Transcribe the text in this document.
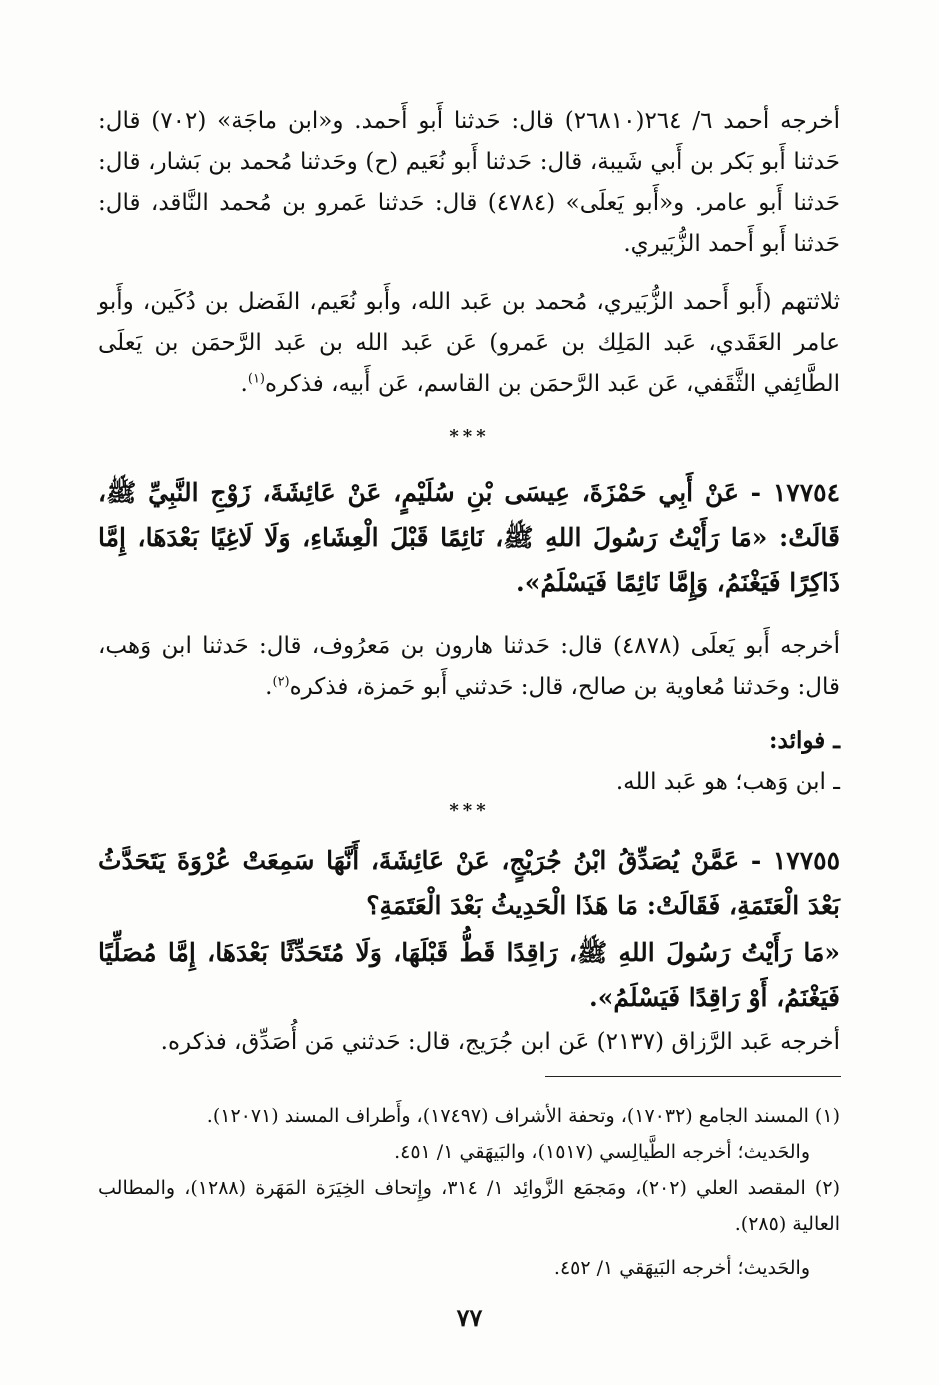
أخرجه أحمد ٦/ ٢٦٤(٢٦٨١٠) قال: حَدثنا أَبو أَحمد. و«ابن ماجَة» (٧٠٢) قال: حَدثنا أَبو بَكر بن أَبي شَيبة، قال: حَدثنا أَبو نُعَيم (ح) وحَدثنا مُحمد بن بَشار، قال: حَدثنا أَبو عامر. و«أَبو يَعلَى» (٤٧٨٤) قال: حَدثنا عَمرو بن مُحمد النَّاقد، قال: حَدثنا أَبو أَحمد الزُّبَيري.

ثلاثتهم (أَبو أَحمد الزُّبَيري، مُحمد بن عَبد الله، وأَبو نُعَيم، الفَضل بن دُكَين، وأَبو عامر العَقَدي، عَبد المَلِك بن عَمرو) عَن عَبد الله بن عَبد الرَّحمَن بن يَعلَى الطَّائِفي الثَّقَفي، عَن عَبد الرَّحمَن بن القاسم، عَن أَبيه، فذكره$^{(١)}$.

***

١٧٧٥٤ - عَنْ أَبِي حَمْزَةَ، عِيسَى بْنِ سُلَيْمٍ، عَنْ عَائِشَةَ، زَوْجِ النَّبِيِّ ﷺ، قَالَتْ: «مَا رَأَيْتُ رَسُولَ اللهِ ﷺ، نَائِمًا قَبْلَ الْعِشَاءِ، وَلَا لَاغِيًا بَعْدَهَا، إِمَّا ذَاكِرًا فَيَغْنَمُ، وَإِمَّا نَائِمًا فَيَسْلَمُ».

أخرجه أَبو يَعلَى (٤٨٧٨) قال: حَدثنا هارون بن مَعرُوف، قال: حَدثنا ابن وَهب، قال: وحَدثنا مُعاوية بن صالح، قال: حَدثني أَبو حَمزة، فذكره$^{(٢)}$.

ـ فوائد:

ـ ابن وَهب؛ هو عَبد الله.

***

١٧٧٥٥ - عَمَّنْ يُصَدِّقُ ابْنُ جُرَيْجٍ، عَنْ عَائِشَةَ، أَنَّهَا سَمِعَتْ عُرْوَةَ يَتَحَدَّثُ بَعْدَ الْعَتَمَةِ، فَقَالَتْ: مَا هَذَا الْحَدِيثُ بَعْدَ الْعَتَمَةِ؟

«مَا رَأَيْتُ رَسُولَ اللهِ ﷺ، رَاقِدًا قَطُّ قَبْلَهَا، وَلَا مُتَحَدِّثًا بَعْدَهَا، إِمَّا مُصَلِّيًا فَيَغْنَمُ، أَوْ رَاقِدًا فَيَسْلَمُ».

أخرجه عَبد الرَّزاق (٢١٣٧) عَن ابن جُرَيج، قال: حَدثني مَن أُصَدِّق، فذكره.

(١) المسند الجامع (١٧٠٣٢)، وتحفة الأشراف (١٧٤٩٧)، وأَطراف المسند (١٢٠٧١).

والحَديث؛ أخرجه الطَّيالِسي (١٥١٧)، والبَيهَقي ١/ ٤٥١.

(٢) المقصد العلي (٢٠٢)، ومَجمَع الزَّوائِد ١/ ٣١٤، وإِتحاف الخِيَرَة المَهَرة (١٢٨٨)، والمطالب العالية (٢٨٥).

والحَديث؛ أخرجه البَيهَقي ١/ ٤٥٢.

٧٧
